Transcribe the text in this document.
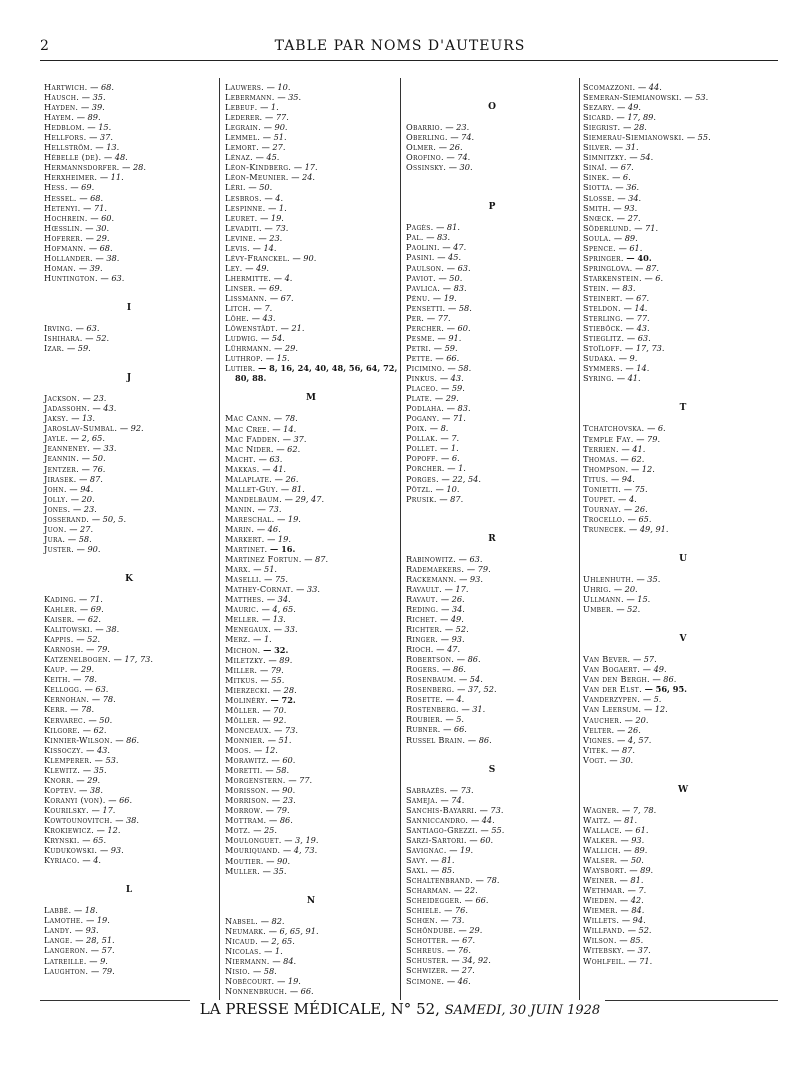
2	TABLE PAR NOMS D'AUTEURS
Hartwich. — 68.
Hausch. — 35.
Hayden. — 39.
Hayem. — 89.
Hedblom. — 15.
Hellfors. — 37.
Hellström. — 13.
Hébelle (de). — 48.
Hermannsdorfer. — 28.
Herxheimer. — 11.
Hess. — 69.
Hessel. — 68.
Hetenyi. — 71.
Hochrein. — 60.
Hœsslin. — 30.
Hoferer. — 29.
Hofmann. — 68.
Hollander. — 38.
Homan. — 39.
Huntington. — 63.
I
Irving. — 63.
Ishihara. — 52.
Izar. — 59.
J
Jackson. — 23.
Jadassohn. — 43.
Jaksy. — 13.
Jaroslav-Sumbal. — 92.
Jayle. — 2, 65.
Jeanneney. — 33.
Jeannin. — 50.
Jentzer. — 76.
Jirasek. — 87.
John. — 94.
Jolly. — 20.
Jones. — 23.
Josserand. — 50, 5.
Juon. — 27.
Jura. — 58.
Juster. — 90.
K
Kading. — 71.
Kahler. — 69.
Kaiser. — 62.
Kalitowski. — 38.
Kappis. — 52.
Karnosh. — 79.
Katzenelbogen. — 17, 73.
Kaup. — 29.
Keith. — 78.
Kellogg. — 63.
Kernohan. — 78.
Kerr. — 78.
Kervarec. — 50.
Kilgore. — 62.
Kinnier-Wilson. — 86.
Kissoczy. — 43.
Klemperer. — 53.
Klewitz. — 35.
Knorr. — 29.
Koptev. — 38.
Koranyi (von). — 66.
Kourilsky. — 17.
Kowtounovitch. — 38.
Krokiewicz. — 12.
Krynski. — 65.
Kudukowski. — 93.
Kyriaco. — 4.
L
Labbé. — 18.
Lamothe. — 19.
Landy. — 93.
Lange. — 28, 51.
Langeron. — 57.
Latreille. — 9.
Laughton. — 79.
Lauwers. — 10.
Lebermann. — 35.
Lebeuf. — 1.
Lederer. — 77.
Legrain. — 90.
Lemmel. — 51.
Lemort. — 27.
Lénaz. — 45.
Léon-Kindberg. — 17.
Léon-Meunier. — 24.
Léri. — 50.
Lesbros. — 4.
Lespinne. — 1.
Leuret. — 19.
Levaditi. — 73.
Levine. — 23.
Levis. — 14.
Lévy-Franckel. — 90.
Ley. — 49.
Lhermitte. — 4.
Linser. — 69.
Lissmann. — 67.
Litch. — 7.
Löhe. — 43.
Löwenstädt. — 21.
Ludwig. — 54.
Lührmann. — 29.
Luthrop. — 15.
Lutier. — 8, 16, 24, 40, 48, 56, 64, 72,
80, 88.
M
Mac Cann. — 78.
Mac Cree. — 14.
Mac Fadden. — 37.
Mac Nider. — 62.
Macht. — 63.
Makkas. — 41.
Malaplate. — 26.
Mallet-Guy. — 81.
Mandelbaum. — 29, 47.
Manin. — 73.
Mareschal. — 19.
Marin. — 46.
Markert. — 19.
Martinet. — 16.
Martinez Fortun. — 87.
Marx. — 51.
Maselli. — 75.
Mathey-Cornat. — 33.
Matthes. — 34.
Mauric. — 4, 65.
Meller. — 13.
Menegaux. — 33.
Merz. — 1.
Michon. — 32.
Miletzky. — 89.
Miller. — 79.
Mitkus. — 55.
Mierzecki. — 28.
Molinéry. — 72.
Möller. — 70.
Möller. — 92.
Monceaux. — 73.
Monnier. — 51.
Moos. — 12.
Morawitz. — 60.
Moretti. — 58.
Morgenstern. — 77.
Morisson. — 90.
Morrison. — 23.
Morrow. — 79.
Mottram. — 86.
Motz. — 25.
Moulonguet. — 3, 19.
Mouriquand. — 4, 73.
Moutier. — 90.
Muller. — 35.
N
Nabsel. — 82.
Neumark. — 6, 65, 91.
Nicaud. — 2, 65.
Nicolas. — 1.
Niermann. — 84.
Nisio. — 58.
Nobécourt. — 19.
Nonnenbruch. — 66.
O
Obarrio. — 23.
Oberling. — 74.
Olmer. — 26.
Orofino. — 74.
Ossinsky. — 30.
P
Pagès. — 81.
Pal. — 83.
Paolini. — 47.
Pasini. — 45.
Paulson. — 63.
Paviot. — 50.
Pavlica. — 83.
Pénu. — 19.
Pensetti. — 58.
Per. — 77.
Percher. — 60.
Pesme. — 91.
Petri. — 59.
Pette. — 66.
Picimino. — 58.
Pinkus. — 43.
Placeo. — 59.
Plate. — 29.
Podlaha. — 83.
Pogany. — 71.
Poix. — 8.
Pollak. — 7.
Pollet. — 1.
Popoff. — 6.
Porcher. — 1.
Porges. — 22, 54.
Pötzl. — 10.
Prusik. — 87.
R
Rabinowitz. — 63.
Rademaekers. — 79.
Rackemann. — 93.
Ravault. — 17.
Ravaut. — 26.
Reding. — 34.
Richet. — 49.
Richter. — 52.
Ringer. — 93.
Rioch. — 47.
Robertson. — 86.
Rogers. — 86.
Rosenbaum. — 54.
Rosenberg. — 37, 52.
Rosette. — 4.
Rostenberg. — 31.
Roubier. — 5.
Rubner. — 66.
Russel Brain. — 86.
S
Sabrazès. — 73.
Sameja. — 74.
Sanchis-Bayarri. — 73.
Sanniccandro. — 44.
Santiago-Grezzi. — 55.
Sarzi-Sartori. — 60.
Savignac. — 19.
Savy. — 81.
Saxl. — 85.
Schaltenbrand. — 78.
Scharman. — 22.
Scheidegger. — 66.
Schiele. — 76.
Schœn. — 73.
Schöndube. — 29.
Schotter. — 67.
Schreus. — 76.
Schuster. — 34, 92.
Schwizer. — 27.
Scimone. — 46.
Scomazzoni. — 44.
Semeran-Siemianowski. — 53.
Sezary. — 49.
Sicard. — 17, 89.
Siegrist. — 28.
Siemerau-Siemianowski. — 55.
Silver. — 31.
Simnitzky. — 54.
Sinaï. — 67.
Sinek. — 6.
Siotta. — 36.
Slosse. — 34.
Smith. — 93.
Snœck. — 27.
Söderlund. — 71.
Soula. — 89.
Spence. — 61.
Springer. — 40.
Springlova. — 87.
Starkenstein. — 6.
Stein. — 83.
Steinert. — 67.
Steldon. — 14.
Sterling. — 77.
Stieböck. — 43.
Stieglitz. — 63.
Stoïloff. — 17, 73.
Sudaka. — 9.
Symmers. — 14.
Syring. — 41.
T
Tchatchovska. — 6.
Temple Fay. — 79.
Terrien. — 41.
Thomas. — 62.
Thompson. — 12.
Titus. — 94.
Tonietti. — 75.
Toupet. — 4.
Tournay. — 26.
Trocello. — 65.
Trunecek. — 49, 91.
U
Uhlenhuth. — 35.
Uhrig. — 20.
Ullmann. — 15.
Umber. — 52.
V
Van Bever. — 57.
Van Bogaert. — 49.
Van den Bergh. — 86.
Van der Elst. — 56, 95.
Vanderzypen. — 5.
Van Leersum. — 12.
Vaucher. — 20.
Velter. — 26.
Vignes. — 4, 57.
Vitek. — 87.
Vogt. — 30.
W
Wagner. — 7, 78.
Waitz. — 81.
Wallace. — 61.
Walker. — 93.
Wallich. — 89.
Walser. — 50.
Waysbort. — 89.
Weiner. — 81.
Wethmar. — 7.
Wieden. — 42.
Wiemer. — 84.
Willets. — 94.
Willfand. — 52.
Wilson. — 85.
Witebsky. — 37.
Wohlfeil. — 71.
LA PRESSE MÉDICALE, N° 52, SAMEDI, 30 JUIN 1928
